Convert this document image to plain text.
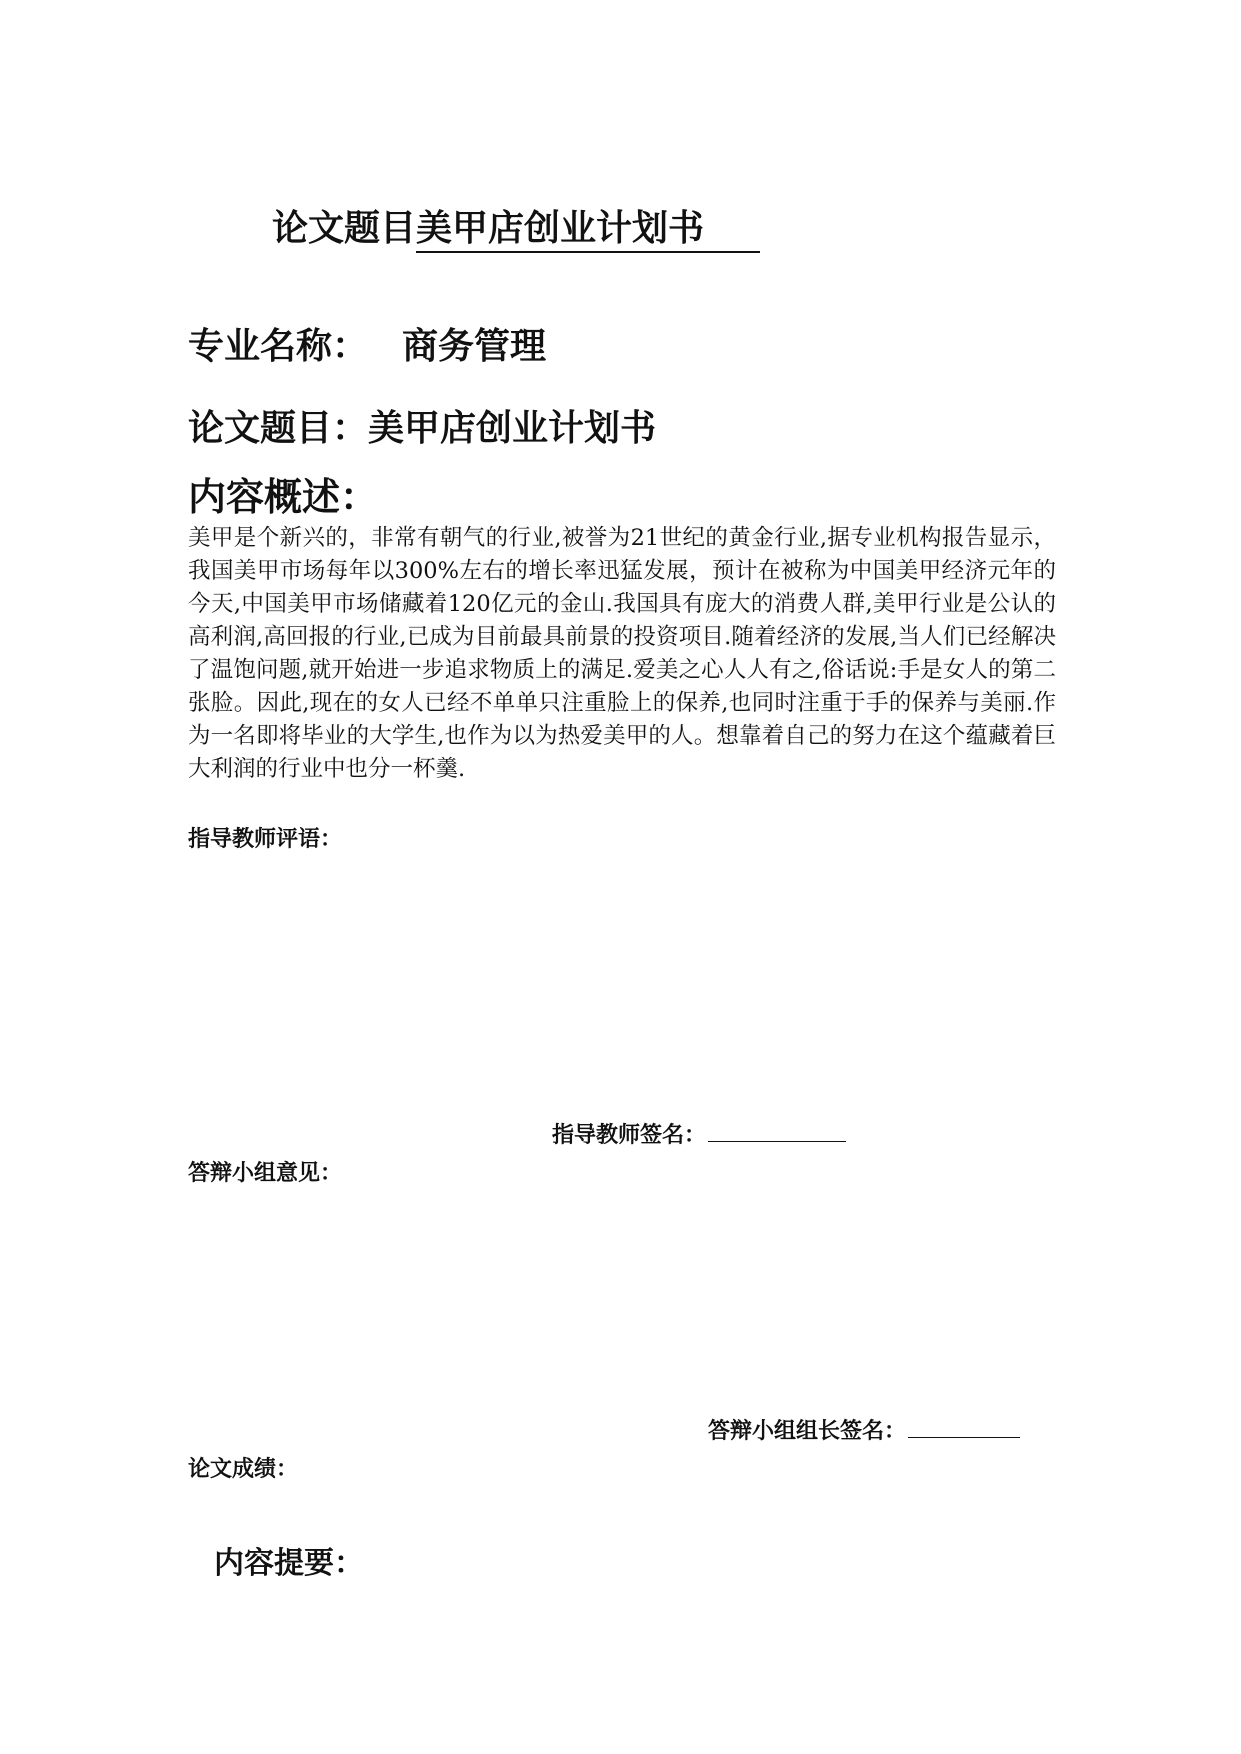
论文题目美甲店创业计划书
专业名称： 商务管理
论文题目：美甲店创业计划书
内容概述：
美甲是个新兴的，非常有朝气的行业,被誉为21世纪的黄金行业,据专业机构报告显示，我国美甲市场每年以300%左右的增长率迅猛发展，预计在被称为中国美甲经济元年的今天,中国美甲市场储藏着120亿元的金山.我国具有庞大的消费人群,美甲行业是公认的高利润,高回报的行业,已成为目前最具前景的投资项目.随着经济的发展,当人们已经解决了温饱问题,就开始进一步追求物质上的满足.爱美之心人人有之,俗话说:手是女人的第二张脸。因此,现在的女人已经不单单只注重脸上的保养,也同时注重于手的保养与美丽.作为一名即将毕业的大学生,也作为以为热爱美甲的人。想靠着自己的努力在这个蕴藏着巨大利润的行业中也分一杯羹.
指导教师评语：
指导教师签名：
答辩小组意见：
答辩小组组长签名：
论文成绩：
内容提要：
